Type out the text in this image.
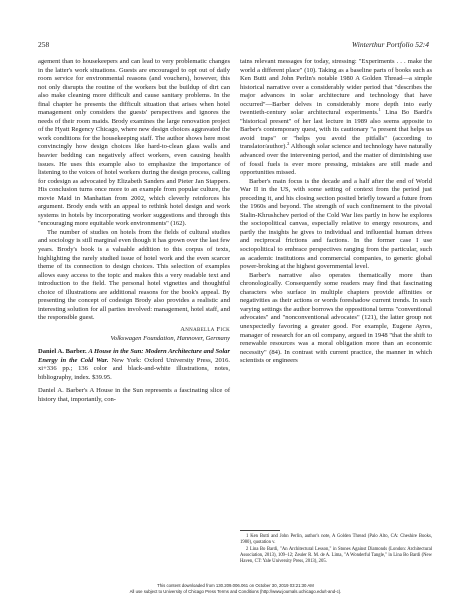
258	Winterthur Portfolio 52:4

agement than to housekeepers and can lead to very problematic changes in the latter's work situations. Guests are encouraged to opt out of daily room service for environmental reasons (and vouchers), however, this not only disrupts the routine of the workers but the buildup of dirt can also make cleaning more difficult and cause sanitary problems. In the final chapter he presents the difficult situation that arises when hotel management only considers the guests' perspectives and ignores the needs of their room maids. Brody examines the large renovation project of the Hyatt Regency Chicago, where new design choices aggravated the work conditions for the housekeeping staff. The author shows here most convincingly how design choices like hard-to-clean glass walls and heavier bedding can negatively affect workers, even causing health issues. He uses this example also to emphasize the importance of listening to the voices of hotel workers during the design process, calling for codesign as advocated by Elizabeth Sanders and Pieter Jan Stappers. His conclusion turns once more to an example from popular culture, the movie Maid in Manhattan from 2002, which cleverly reinforces his argument. Brody ends with an appeal to rethink hotel design and work systems in hotels by incorporating worker suggestions and through this "encouraging more equitable work environments" (162).

The number of studies on hotels from the fields of cultural studies and sociology is still marginal even though it has grown over the last few years. Brody's book is a valuable addition to this corpus of texts, highlighting the rarely studied issue of hotel work and the even scarcer theme of its connection to design choices. This selection of examples allows easy access to the topic and makes this a very readable text and introduction to the field. The personal hotel vignettes and thoughtful choice of illustrations are additional reasons for the book's appeal. By presenting the concept of codesign Brody also provides a realistic and interesting solution for all parties involved: management, hotel staff, and the responsible guest.

Annabella Fick
Volkswagen Foundation, Hannover, Germany

Daniel A. Barber. A House in the Sun: Modern Architecture and Solar Energy in the Cold War. New York: Oxford University Press, 2016. xi+336 pp.; 136 color and black-and-white illustrations, notes, bibliography, index. $39.95.

Daniel A. Barber's A House in the Sun represents a fascinating slice of history that, importantly, con-

tains relevant messages for today, stressing: "Experiments . . . make the world a different place" (10). Taking as a baseline parts of books such as Ken Butti and John Perlin's notable 1980 A Golden Thread—a simple historical narrative over a considerably wider period that "describes the major advances in solar architecture and technology that have occurred"—Barber delves in considerably more depth into early twentieth-century solar architectural experiments.$^1$ Lina Bo Bardi's "historical present" of her last lecture in 1989 also seems apposite to Barber's contemporary quest, with its cautionary "a present that helps us avoid traps" or "helps you avoid the pitfalls" (according to translator/author).$^2$ Although solar science and technology have naturally advanced over the intervening period, and the matter of diminishing use of fossil fuels is ever more pressing, mistakes are still made and opportunities missed.

Barber's main focus is the decade and a half after the end of World War II in the US, with some setting of context from the period just preceding it, and his closing section posited briefly toward a future from the 1960s and beyond. The strength of such confinement to the pivotal Stalin-Khrushchev period of the Cold War lies partly in how he explores the sociopolitical canvas, especially relative to energy resources, and partly the insights he gives to individual and influential human drives and reciprocal frictions and factions. In the former case I use sociopolitical to embrace perspectives ranging from the particular, such as academic institutions and commercial companies, to generic global power-broking at the highest governmental level.

Barber's narrative also operates thematically more than chronologically. Consequently some readers may find that fascinating characters who surface in multiple chapters provide affinities or negativities as their actions or words foreshadow current trends. In such varying settings the author borrows the oppositional terms "conventional advocates" and "nonconventional advocates" (121), the latter group not unexpectedly favoring a greater good. For example, Eugene Ayres, manager of research for an oil company, argued in 1948 "that the shift to renewable resources was a moral obligation more than an economic necessity" (84). In contrast with current practice, the manner in which scientists or engineers

1 Ken Butti and John Perlin, author's note, A Golden Thread (Palo Alto, CA: Cheshire Books, 1980), quotation v.

2 Lina Bo Bardi, "An Architectural Lesson," in Stones Against Diamonds (London: Architectural Association, 2013), 109–12; Zeuler R. M. de A. Lima, "A Wonderful Tangle," in Lina Bo Bardi (New Haven, CT: Yale University Press, 2013), 205.

This content downloaded from 130.209.006.061 on October 30, 2019 03:21:30 AM
All use subject to University of Chicago Press Terms and Conditions (http://www.journals.uchicago.edu/t-and-c).
